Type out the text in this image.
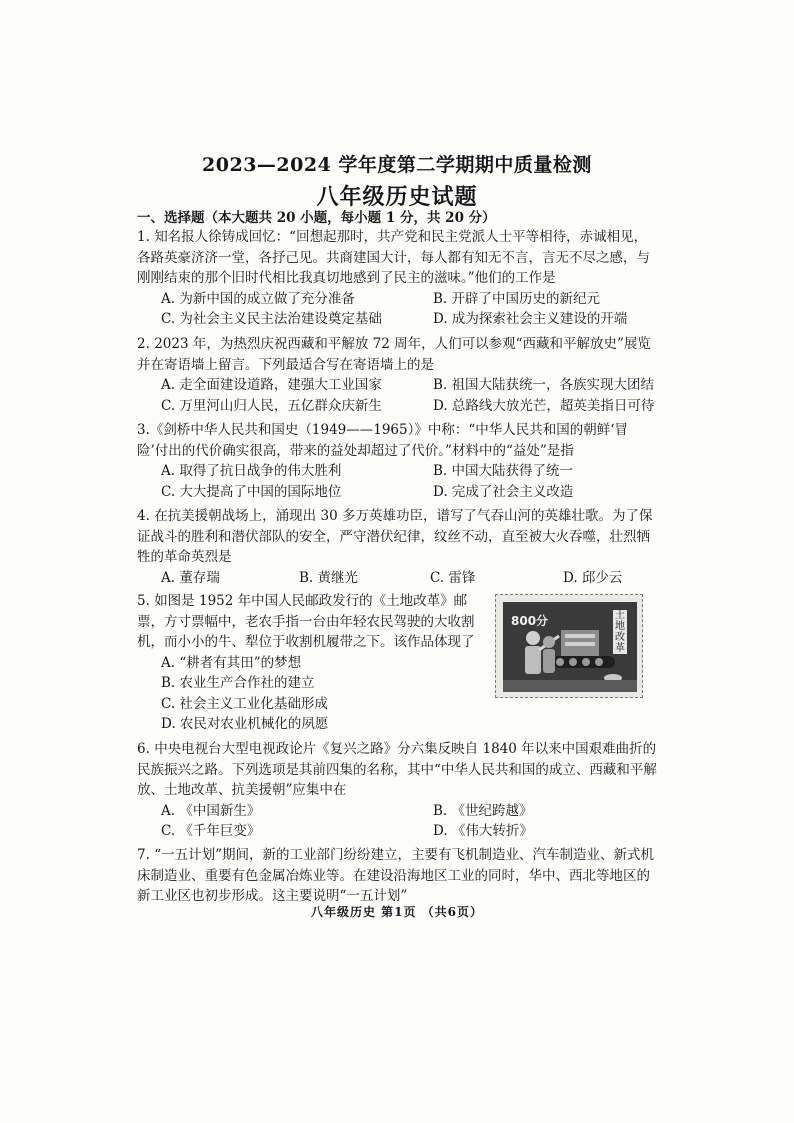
2023—2024 学年度第二学期期中质量检测
八年级历史试题
一、选择题（本大题共 20 小题，每小题 1 分，共 20 分）

1. 知名报人徐铸成回忆：“回想起那时，共产党和民主党派人士平等相待，赤诚相见，各路英豪济济一堂，各抒己见。共商建国大计，每人都有知无不言，言无不尽之感，与刚刚结束的那个旧时代相比我真切地感到了民主的滋味。”他们的工作是

A. 为新中国的成立做了充分准备	B. 开辟了中国历史的新纪元
C. 为社会主义民主法治建设奠定基础	D. 成为探索社会主义建设的开端

2. 2023 年，为热烈庆祝西藏和平解放 72 周年，人们可以参观“西藏和平解放史”展览并在寄语墙上留言。下列最适合写在寄语墙上的是

A. 走全面建设道路，建强大工业国家	B. 祖国大陆获统一，各族实现大团结
C. 万里河山归人民，五亿群众庆新生	D. 总路线大放光芒，超英美指日可待

3.《剑桥中华人民共和国史（1949——1965）》中称：“中华人民共和国的朝鲜‘冒险’付出的代价确实很高，带来的益处却超过了代价。”材料中的“益处”是指

A. 取得了抗日战争的伟大胜利	B. 中国大陆获得了统一
C. 大大提高了中国的国际地位	D. 完成了社会主义改造

4. 在抗美援朝战场上，涌现出 30 多万英雄功臣，谱写了气吞山河的英雄壮歌。为了保证战斗的胜利和潜伏部队的安全，严守潜伏纪律，纹丝不动，直至被大火吞噬，壮烈牺牲的革命英烈是

A. 董存瑞	B. 黄继光	C. 雷锋	D. 邱少云

5. 如图是 1952 年中国人民邮政发行的《土地改革》邮票，方寸票幅中，老农手指一台由年轻农民驾驶的大收割机，而小小的牛、犁位于收割机履带之下。该作品体现了

A. “耕者有其田”的梦想
B. 农业生产合作社的建立
C. 社会主义工业化基础形成
D. 农民对农业机械化的夙愿
800分	土地改革

6. 中央电视台大型电视政论片《复兴之路》分六集反映自 1840 年以来中国艰难曲折的民族振兴之路。下列选项是其前四集的名称，其中“中华人民共和国的成立、西藏和平解放、土地改革、抗美援朝”应集中在

A. 《中国新生》	B. 《世纪跨越》
C. 《千年巨变》	D. 《伟大转折》

7. “一五计划”期间，新的工业部门纷纷建立，主要有飞机制造业、汽车制造业、新式机床制造业、重要有色金属冶炼业等。在建设沿海地区工业的同时，华中、西北等地区的新工业区也初步形成。这主要说明“一五计划”

八年级历史 第1页 （共6页）
